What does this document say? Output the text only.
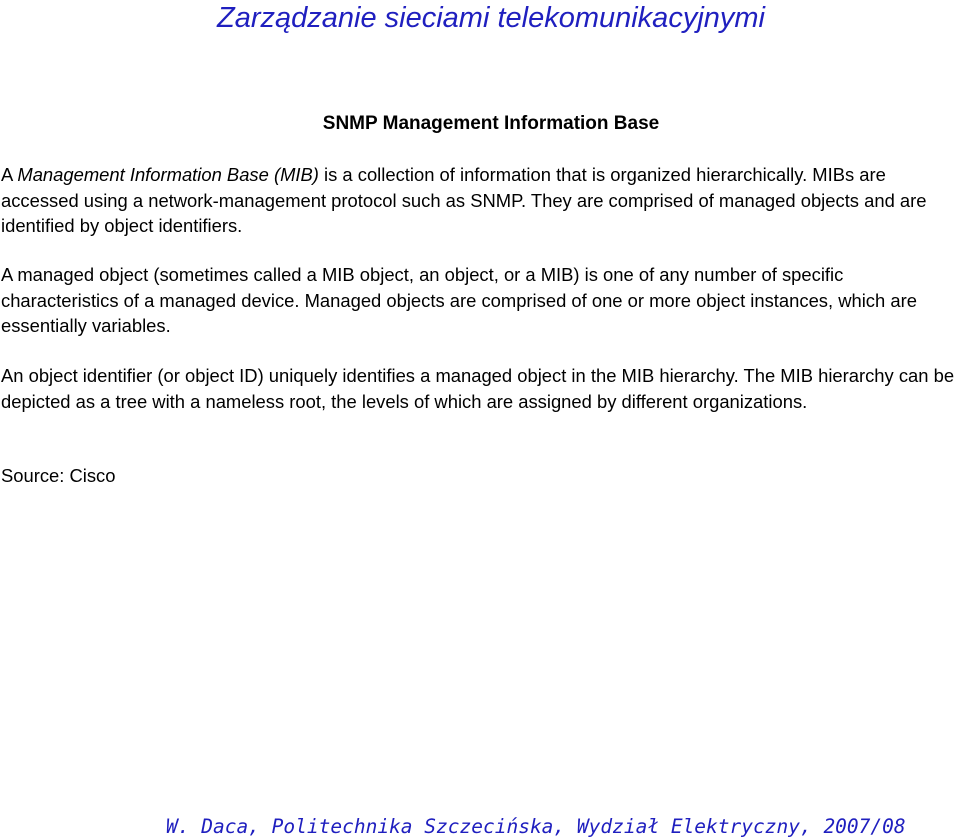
Zarządzanie sieciami telekomunikacyjnymi
SNMP Management Information Base

A Management Information Base (MIB) is a collection of information that is organized hierarchically. MIBs are accessed using a network-management protocol such as SNMP. They are comprised of managed objects and are identified by object identifiers.

A managed object (sometimes called a MIB object, an object, or a MIB) is one of any number of specific characteristics of a managed device. Managed objects are comprised of one or more object instances, which are essentially variables.

An object identifier (or object ID) uniquely identifies a managed object in the MIB hierarchy. The MIB hierarchy can be depicted as a tree with a nameless root, the levels of which are assigned by different organizations.

Source: Cisco

W. Daca, Politechnika Szczecińska, Wydział Elektryczny, 2007/08
